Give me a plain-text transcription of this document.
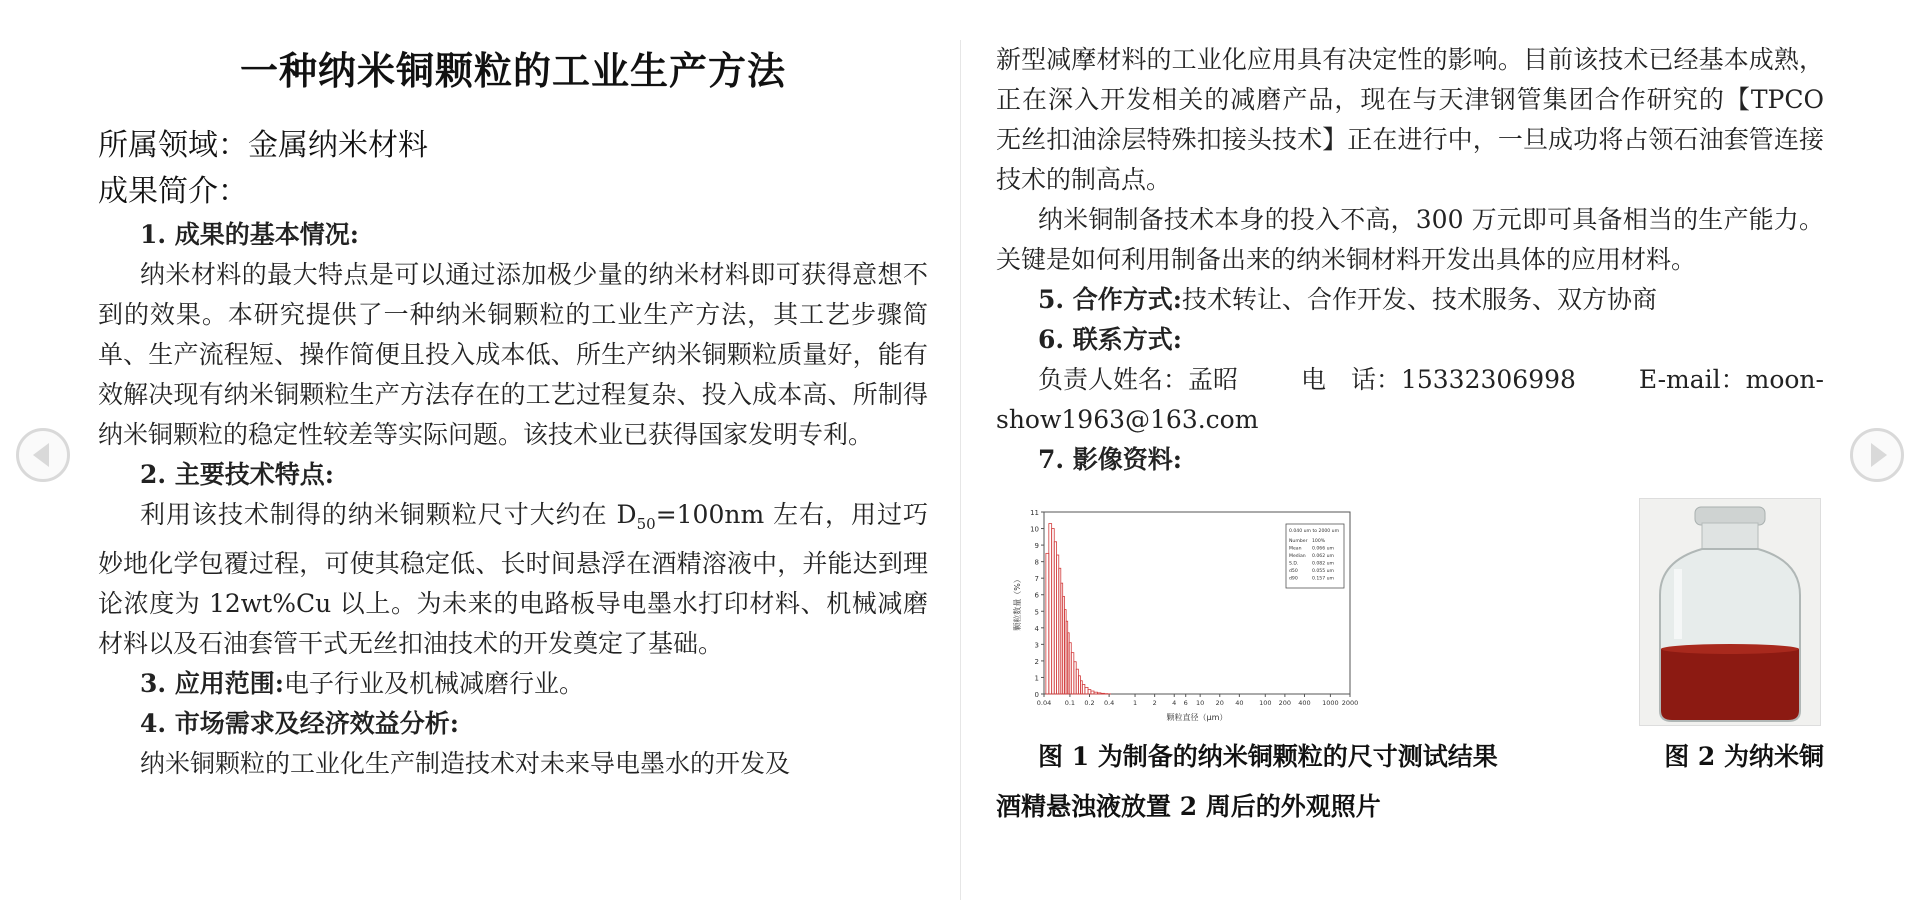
一种纳米铜颗粒的工业生产方法

所属领域：金属纳米材料

成果简介：

1. 成果的基本情况:

纳米材料的最大特点是可以通过添加极少量的纳米材料即可获得意想不到的效果。本研究提供了一种纳米铜颗粒的工业生产方法，其工艺步骤简单、生产流程短、操作简便且投入成本低、所生产纳米铜颗粒质量好，能有效解决现有纳米铜颗粒生产方法存在的工艺过程复杂、投入成本高、所制得纳米铜颗粒的稳定性较差等实际问题。该技术业已获得国家发明专利。

2. 主要技术特点:

利用该技术制得的纳米铜颗粒尺寸大约在 $D_{50}=100nm$ 左右，用过巧妙地化学包覆过程，可使其稳定低、长时间悬浮在酒精溶液中，并能达到理论浓度为 12wt%Cu 以上。为未来的电路板导电墨水打印材料、机械减磨材料以及石油套管干式无丝扣油技术的开发奠定了基础。

3. 应用范围:电子行业及机械减磨行业。

4. 市场需求及经济效益分析:

纳米铜颗粒的工业化生产制造技术对未来导电墨水的开发及

新型减摩材料的工业化应用具有决定性的影响。目前该技术已经基本成熟，正在深入开发相关的减磨产品，现在与天津钢管集团合作研究的【TPCO 无丝扣油涂层特殊扣接头技术】正在进行中，一旦成功将占领石油套管连接技术的制高点。

纳米铜制备技术本身的投入不高，300 万元即可具备相当的生产能力。关键是如何利用制备出来的纳米铜材料开发出具体的应用材料。

5. 合作方式:技术转让、合作开发、技术服务、双方协商

6. 联系方式:

负责人姓名：孟昭	电　话：15332306998	E-mail：moon-

show1963@163.com

7. 影像资料:

0
1
2
3
4
5
6
7
8
9
10
11
0.04 0.1 0.2 0.4	1 2 4 6 10 20 40 100 200 400 1000 2000
颗粒直径（μm）
颗粒数量（%）
0.040 um to 2000 um
Number 100%
Mean 0.066 um
Median 0.062 um
S.D.	0.082 um
d50	0.055 um
d90	0.157 um

图 1 为制备的纳米铜颗粒的尺寸测试结果	图 2 为纳米铜

酒精悬浊液放置 2 周后的外观照片
